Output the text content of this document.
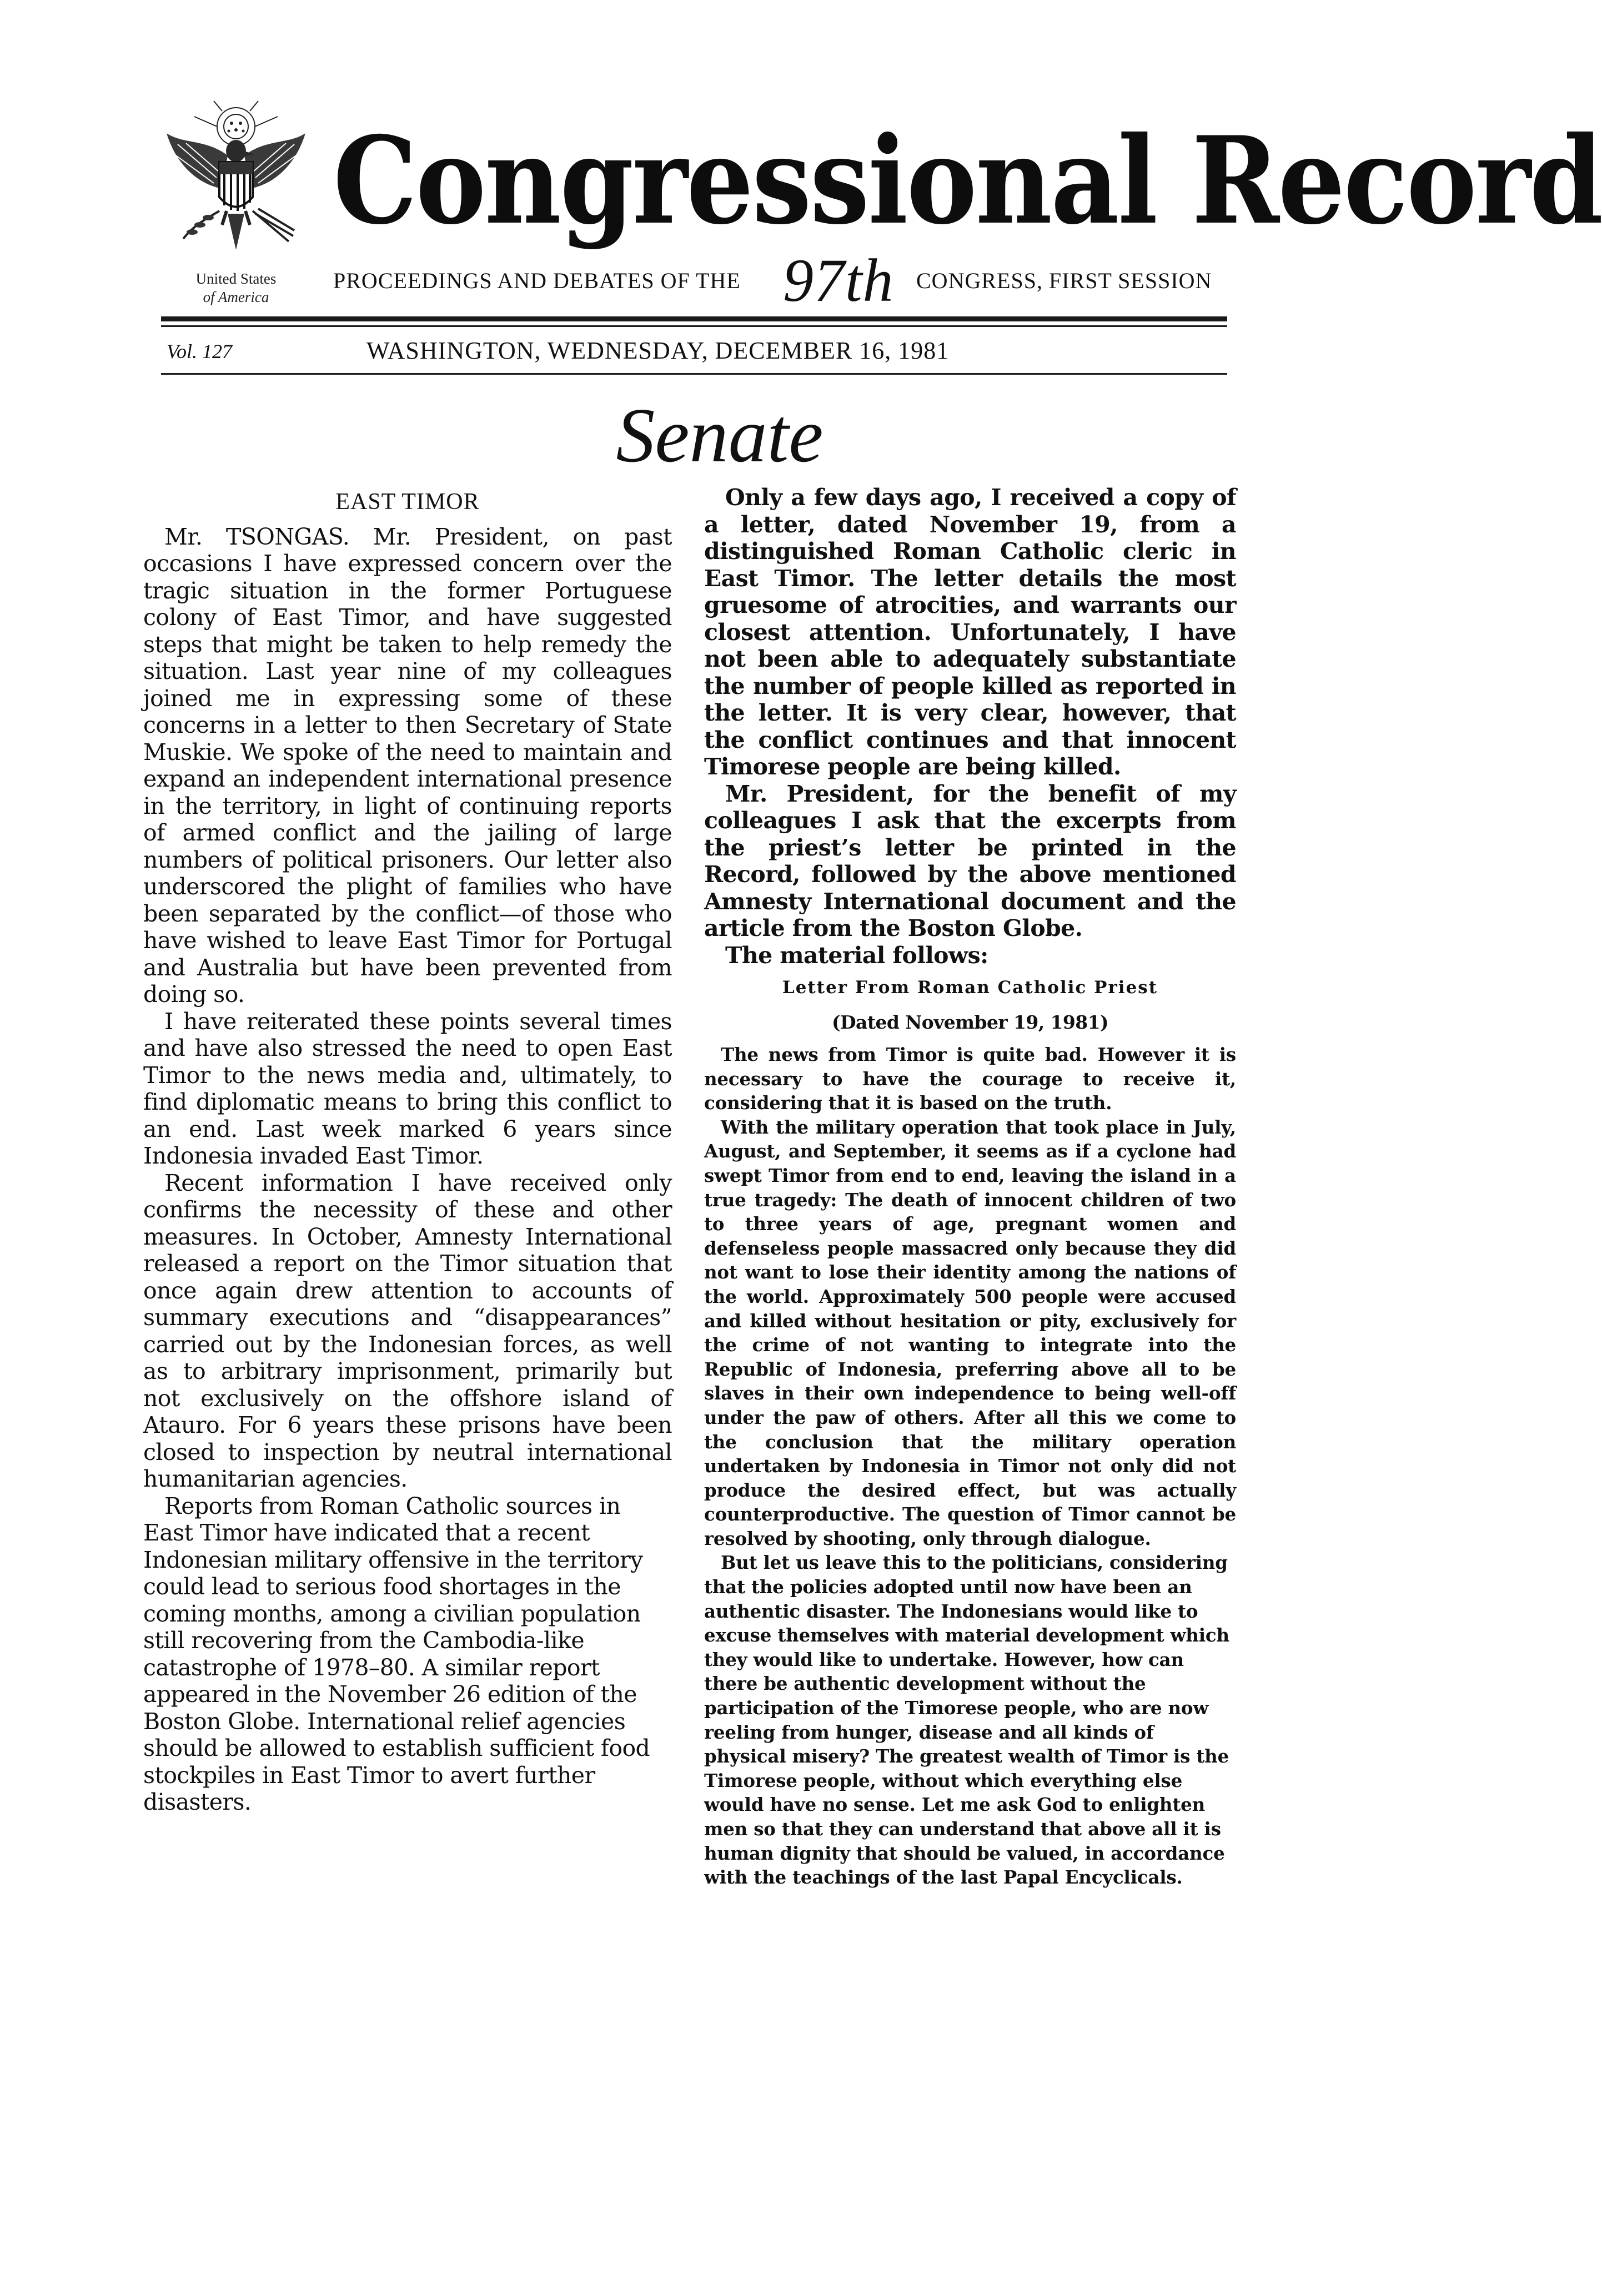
United States
of America
Congressional Record
PROCEEDINGS AND DEBATES OF THE 97th CONGRESS, FIRST SESSION
Vol. 127	WASHINGTON, WEDNESDAY, DECEMBER 16, 1981
Senate
EAST TIMOR

Mr. TSONGAS. Mr. President, on past occasions I have expressed concern over the tragic situation in the former Portuguese colony of East Timor, and have suggested steps that might be taken to help remedy the situation. Last year nine of my colleagues joined me in expressing some of these concerns in a letter to then Secretary of State Muskie. We spoke of the need to maintain and expand an independent international presence in the territory, in light of continuing reports of armed conflict and the jailing of large numbers of political prisoners. Our letter also underscored the plight of families who have been separated by the conflict—of those who have wished to leave East Timor for Portugal and Australia but have been prevented from doing so.

I have reiterated these points several times and have also stressed the need to open East Timor to the news media and, ultimately, to find diplomatic means to bring this conflict to an end. Last week marked 6 years since Indonesia invaded East Timor.

Recent information I have received only confirms the necessity of these and other measures. In October, Amnesty International released a report on the Timor situation that once again drew attention to accounts of summary executions and “disappearances” carried out by the Indonesian forces, as well as to arbitrary imprisonment, primarily but not exclusively on the offshore island of Atauro. For 6 years these prisons have been closed to inspection by neutral international humanitarian agencies.

Reports from Roman Catholic sources in East Timor have indicated that a recent Indonesian military offensive in the territory could lead to serious food shortages in the coming months, among a civilian population still recovering from the Cambodia-like catastrophe of 1978–80. A similar report appeared in the November 26 edition of the Boston Globe. International relief agencies should be allowed to establish sufficient food stockpiles in East Timor to avert further disasters.

Only a few days ago, I received a copy of a letter, dated November 19, from a distinguished Roman Catholic cleric in East Timor. The letter details the most gruesome of atrocities, and warrants our closest attention. Unfortunately, I have not been able to adequately substantiate the number of people killed as reported in the letter. It is very clear, however, that the conflict continues and that innocent Timorese people are being killed.

Mr. President, for the benefit of my colleagues I ask that the excerpts from the priest’s letter be printed in the Record, followed by the above mentioned Amnesty International document and the article from the Boston Globe.

The material follows:

Letter From Roman Catholic Priest
(Dated November 19, 1981)

The news from Timor is quite bad. However it is necessary to have the courage to receive it, considering that it is based on the truth.

With the military operation that took place in July, August, and September, it seems as if a cyclone had swept Timor from end to end, leaving the island in a true tragedy: The death of innocent children of two to three years of age, pregnant women and defenseless people massacred only because they did not want to lose their identity among the nations of the world. Approximately 500 people were accused and killed without hesitation or pity, exclusively for the crime of not wanting to integrate into the Republic of Indonesia, preferring above all to be slaves in their own independence to being well-off under the paw of others. After all this we come to the conclusion that the military operation undertaken by Indonesia in Timor not only did not produce the desired effect, but was actually counterproductive. The question of Timor cannot be resolved by shooting, only through dialogue.

But let us leave this to the politicians, considering that the policies adopted until now have been an authentic disaster. The Indonesians would like to excuse themselves with material development which they would like to undertake. However, how can there be authentic development without the participation of the Timorese people, who are now reeling from hunger, disease and all kinds of physical misery? The greatest wealth of Timor is the Timorese people, without which everything else would have no sense. Let me ask God to enlighten men so that they can understand that above all it is human dignity that should be valued, in accordance with the teachings of the last Papal Encyclicals.
